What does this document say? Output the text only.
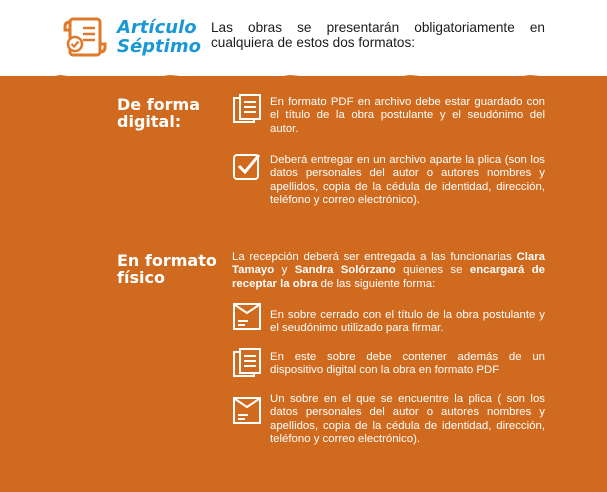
Artículo
Séptimo

Las obras se presentarán obligatoriamente en cualquiera de estos dos formatos:

De forma
digital:

En formato PDF en archivo debe estar guardado con el título de la obra postulante y el seudónimo del autor.

Deberá entregar en un archivo aparte la plica (son los datos personales del autor o autores nombres y apellidos, copia de la cédula de identidad, dirección, teléfono y correo electrónico).

En formato
físico

La recepción deberá ser entregada a las funcionarias Clara Tamayo y Sandra Solórzano quienes se encargará de receptar la obra de las siguiente forma:

En sobre cerrado con el título de la obra postulante y el seudónimo utilizado para firmar.

En este sobre debe contener además de un dispositivo digital con la obra en formato PDF

Un sobre en el que se encuentre la plica ( son los datos personales del autor o autores nombres y apellidos, copia de la cédula de identidad, dirección, teléfono y correo electrónico).
